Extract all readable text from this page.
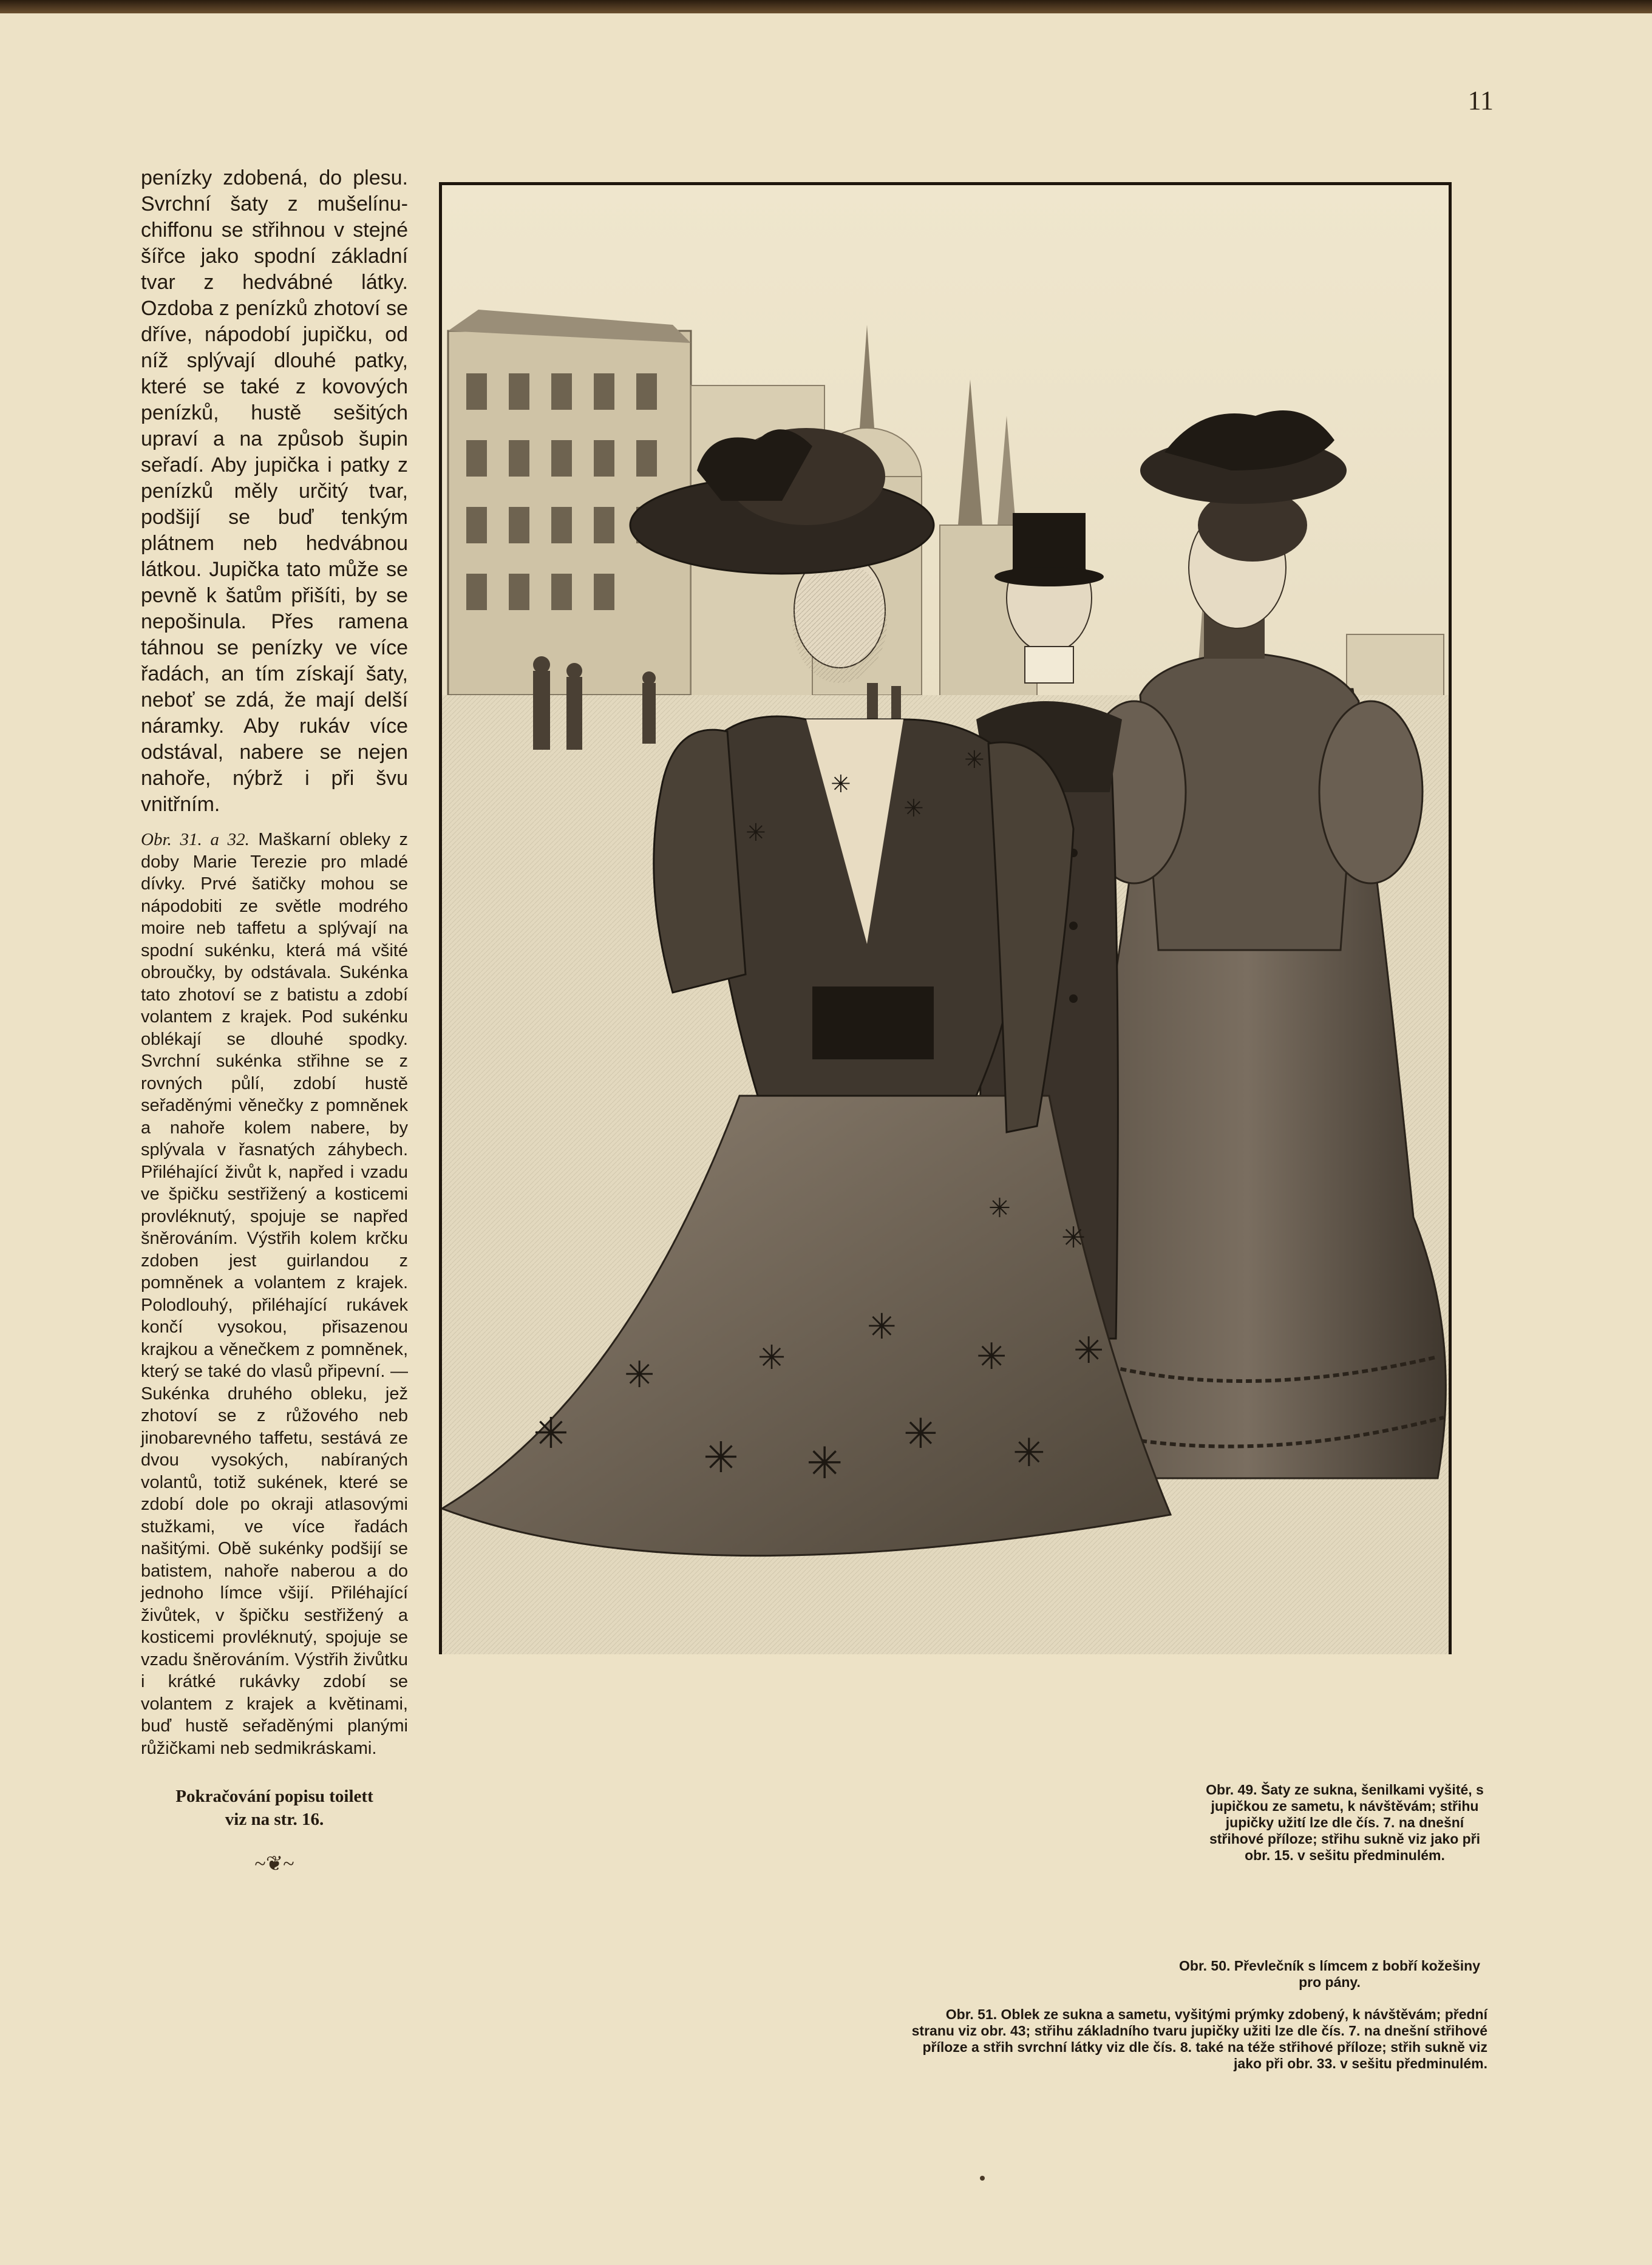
11

penízky zdobená, do plesu. Svrchní šaty z mušelínu-chiffonu se střihnou v stejné šířce jako spodní základní tvar z hedvábné látky. Ozdoba z penízků zhotoví se dříve, nápodobí jupičku, od níž splývají dlouhé patky, které se také z kovových penízků, hustě sešitých upraví a na způsob šupin seřadí. Aby jupička i patky z penízků měly určitý tvar, podšijí se buď tenkým plátnem neb hedvábnou látkou. Jupička tato může se pevně k šatům přišíti, by se nepošinula. Přes ramena táhnou se penízky ve více řadách, an tím získají šaty, neboť se zdá, že mají delší náramky. Aby rukáv více odstával, nabere se nejen nahoře, nýbrž i při švu vnitřním.

Obr. 31. a 32. Maškarní obleky z doby Marie Terezie pro mladé dívky. Prvé šatičky mohou se nápodobiti ze světle modrého moire neb taffetu a splývají na spodní sukénku, která má všité obroučky, by odstávala. Sukénka tato zhotoví se z batistu a zdobí volantem z krajek. Pod sukénku oblékají se dlouhé spodky. Svrchní sukénka střihne se z rovných půlí, zdobí hustě seřaděnými věnečky z pomněnek a nahoře kolem nabere, by splývala v řasnatých záhybech. Přiléhající živůt k, napřed i vzadu ve špičku sestřižený a kosticemi provléknutý, spojuje se napřed šněrováním. Výstřih kolem krčku zdoben jest guirlandou z pomněnek a volantem z krajek. Polodlouhý, přiléhající rukávek končí vysokou, přisazenou krajkou a věnečkem z pomněnek, který se také do vlasů připevní. — Sukénka druhého obleku, jež zhotoví se z růžového neb jinobarevného taffetu, sestává ze dvou vysokých, nabíraných volantů, totiž sukének, které se zdobí dole po okraji atlasovými stužkami, ve více řadách našitými. Obě sukénky podšijí se batistem, nahoře naberou a do jednoho límce všijí. Přiléhající živůtek, v špičku sestřižený a kosticemi provléknutý, spojuje se vzadu šněrováním. Výstřih živůtku i krátké rukávky zdobí se volantem z krajek a květinami, buď hustě seřaděnými planými růžičkami neb sedmikráskami.

Pokračování popisu toilett
viz na str. 16.
~❦~
✳
✳
✳
✳
✳
✳
✳
✳
✳
✳
✳
✳
✳
✳
✳
✳
Obr. 49. Šaty ze sukna, šenilkami vyšité, s jupičkou ze sametu, k návštěvám; střihu jupičky užití lze dle čís. 7. na dnešní střihové příloze; střihu sukně viz jako při obr. 15. v sešitu předminulém.
Obr. 50. Převlečník s límcem z bobří kožešiny pro pány.
Obr. 51. Oblek ze sukna a sametu, vyšitými prýmky zdobený, k návštěvám; přední stranu viz obr. 43; střihu základního tvaru jupičky užiti lze dle čís. 7. na dnešní střihové příloze a střih svrchní látky viz dle čís. 8. také na téže střihové příloze; střih sukně viz jako při obr. 33. v sešitu předminulém.
